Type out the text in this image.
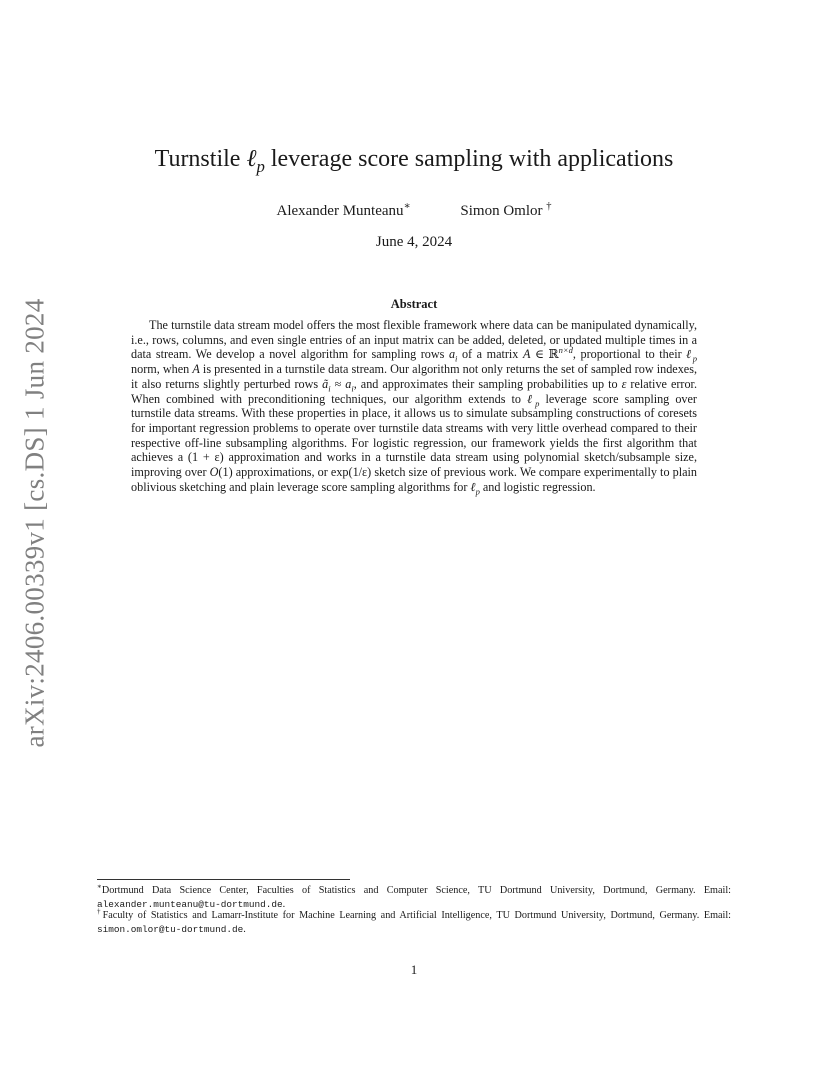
arXiv:2406.00339v1 [cs.DS] 1 Jun 2024
Turnstile ℓ$_p$ leverage score sampling with applications
Alexander Munteanu∗	Simon Omlor †
June 4, 2024
Abstract

The turnstile data stream model offers the most flexible framework where data can be manipulated dynamically, i.e., rows, columns, and even single entries of an input matrix can be added, deleted, or updated multiple times in a data stream. We develop a novel algorithm for sampling rows $a_i$ of a matrix A ∈ ℝ$^{n\times d}$, proportional to their ℓ$_p$ norm, when A is presented in a turnstile data stream. Our algorithm not only returns the set of sampled row indexes, it also returns slightly perturbed rows $ã_i \approx a_i$, and approximates their sampling probabilities up to ε relative error. When combined with preconditioning techniques, our algorithm extends to ℓ$_p$ leverage score sampling over turnstile data streams. With these properties in place, it allows us to simulate subsampling constructions of coresets for important regression problems to operate over turnstile data streams with very little overhead compared to their respective off-line subsampling algorithms. For logistic regression, our framework yields the first algorithm that achieves a (1 + ε) approximation and works in a turnstile data stream using polynomial sketch/subsample size, improving over O(1) approximations, or exp(1/ε) sketch size of previous work. We compare experimentally to plain oblivious sketching and plain leverage score sampling algorithms for ℓ$_p$ and logistic regression.

∗Dortmund Data Science Center, Faculties of Statistics and Computer Science, TU Dortmund University, Dortmund, Germany. Email: alexander.munteanu@tu-dortmund.de.

†Faculty of Statistics and Lamarr-Institute for Machine Learning and Artificial Intelligence, TU Dortmund University, Dortmund, Germany. Email: simon.omlor@tu-dortmund.de.

1
